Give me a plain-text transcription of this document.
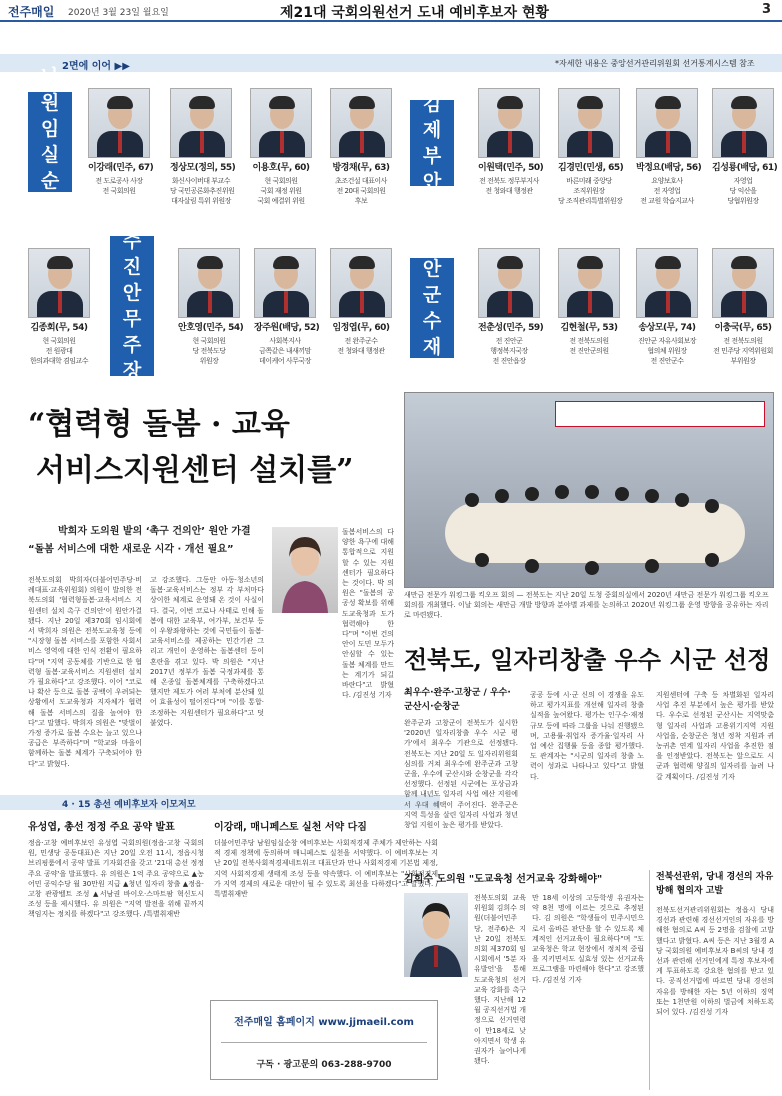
전주매일 2020년 3월 23일 월요일	제21대 국회의원선거 도내 예비후보자 현황	3
2면에 이어 ▶▶	*자세한 내용은 중앙선거관리위원회 선거통계시스템 참조
남원 임실 순창
이강래(민주, 67)
전 도로공사 사장
전 국회의원
정상모(정의, 55)
화신사이버대 부교수
당 국민공론화추진위원
대자살림 특위 위원장
이용호(무, 60)
현 국회의원
국회 재정 위원
국회 예결위 위원
방경채(무, 63)
초조건설 대표이사
전 20대 국회의원
후보
김제 부안
이원택(민주, 50)
전 전북도 정무부지사
전 청와대 행정관
김경민(민생, 65)
바른미래 중앙당
조직위원장
당 조직관리특별위원장
박정요(배당, 56)
요양보호사
전 자영업
전 교원 학습지교사
김성룡(배당, 61)
자영업
당 익산을
당협위원장
김종회(무, 54)
현 국회의원
전 원광대
한의과대학 겸임교수
완주 진안 무주 장수
안호영(민주, 54)
현 국회의원
당 전북도당
위원장
장주원(배당, 52)
사회복지사
금쪽같은 내새끼맘
데이케어 사무국장
임정엽(무, 60)
전 완주군수
전 청와대 행정관
진안 군수 재선
전춘성(민주, 59)
전 진안군
행정복지국장
전 진안읍장
김현철(무, 53)
전 전북도의원
전 진안군의원
송상모(무, 74)
진안군 자유사회보장
협의체 위원장
전 진안군수
이충국(무, 65)
전 전북도의원
전 민주당 지역위원회
부위원장
“협력형 돌봄 · 교육
서비스지원센터 설치를”
박희자 도의원 발의 ‘촉구 건의안’ 원안 가결
“돌봄 서비스에 대한 새로운 시각 · 개선 필요”
전북도의회 박희자(더불어민주당·비례대표·교육위원회) 의원이 발의한 전북도의회 '협력형돌봄·교육서비스 지원센터 설치 촉구 건의안'이 원안가결됐다. 지난 20일 제370회 임시회에서 박희자 의원은 전북도교육청 등에 "시장형 돌봄 서비스를 포함한 사회서비스 영역에 대한 인식 전환이 필요하다"며 "지역 공동체를 기반으로 한 협력형 돌봄·교육서비스 지원센터 설치가 필요하다"고 강조했다. 이어 "코로나 확산 등으로 돌봄 공백이 우려되는 상황에서 도교육청과 지자체가 협력해 돌봄 서비스의 질을 높여야 한다"고 말했다. 박희자 의원은 "맞벌이 가정 증가로 돌봄 수요는 늘고 있으나 공급은 부족하다"며 "학교와 마을이 함께하는 돌봄 체계가 구축되어야 한다"고 밝혔다.
고 강조했다. 그동안 아동·청소년의 돌봄·교육서비스는 정부 각 부처마다 상이한 체계로 운영돼 온 것이 사실이다. 결국, 이번 코로나 사태로 인해 돌봄에 대한 교육부, 여가부, 보건부 등이 우왕좌왕하는 것에 국민들이 돌봄·교육서비스를 제공하는 민간기관 그리고 개인이 운영하는 돌봄센터 등이 혼란을 겪고 있다. 박 의원은 "지난 2017년 정부가 돌봄 국정과제를 통해 온종일 돌봄체계를 구축하겠다고 했지만 제도가 여러 부처에 분산돼 있어 효율성이 떨어진다"며 "이를 통합·조정하는 지원센터가 필요하다"고 덧붙였다.
돌봄서비스의 다양한 욕구에 대해 통합적으로 지원할 수 있는 지원센터가 필요하다는 것이다. 박 의원은 "돌봄의 공공성 확보를 위해 도교육청과 도가 협력해야 한다"며 "이번 건의안이 도민 모두가 안심할 수 있는 돌봄 체계를 만드는 계기가 되길 바란다"고 밝혔다. /김진성 기자
4 · 15 총선 예비후보자 이모저모
유성엽, 총선 정정 주요 공약 발표
정읍·고창 예비후보인 유성엽 국회의원(정읍·고창 국회의원, 민생당 공동대표)은 지난 20일 오전 11시, 정읍시청 브리핑룸에서 공약 발표 기자회견을 갖고 '21대 총선 정정 주요 공약'을 발표했다. 유 의원은 1억 주요 공약으로 ▲농어민 공익수당 월 30만원 지급 ▲청년 일자리 창출 ▲정읍·고창 관광벨트 조성 ▲서남권 바이오·스마트팜 혁신도시 조성 등을 제시했다. 유 의원은 "지역 발전을 위해 끝까지 책임지는 정치를 하겠다"고 강조했다. /특별취재반
이강래, 매니페스토 실천 서약 다짐
더불어민주당 남원임실순창 예비후보는 사회적경제 주체가 제안하는 사회적 경제 정책에 동의하며 매니페스토 실천을 서약했다. 이 예비후보는 지난 20일 전북사회적경제네트워크 대표단과 만나 사회적경제 기본법 제정, 지역 사회적경제 생태계 조성 등을 약속했다. 이 예비후보는 "사회적경제가 지역 경제의 새로운 대안이 될 수 있도록 최선을 다하겠다"고 말했다. /특별취재반
전주매일 홈페이지 www.jjmaeil.com
구독 · 광고문의 063-288-9700
새만금 전문가 워킹그룹 킥오프 회의 — 전북도는 지난 20일 도청 중회의실에서 2020년 새만금 전문가 워킹그룹 킥오프 회의를 개최했다. 이날 회의는 새만금 개발 방향과 분야별 과제를 논의하고 2020년 워킹그룹 운영 방향을 공유하는 자리로 마련됐다.
전북도, 일자리창출 우수 시군 선정
최우수·완주·고창군 / 우수·군산시·순창군
완주군과 고창군이 전북도가 실시한 '2020년 일자리창출 우수 시군 평가'에서 최우수 기관으로 선정됐다. 전북도는 지난 20일 도 일자리위원회 심의를 거쳐 최우수에 완주군과 고창군을, 우수에 군산시와 순창군을 각각 선정했다. 선정된 시군에는 포상금과 함께 내년도 일자리 사업 예산 지원에서 우대 혜택이 주어진다. 완주군은 지역 특성을 살린 일자리 사업과 청년 창업 지원이 높은 평가를 받았다.
공공 등에 시·군 신의 이 경쟁을 유도하고 평가지표를 개선해 일자리 창출 실적을 높여왔다. 평가는 인구수·재정규모 등에 따라 그룹을 나눠 진행됐으며, 고용률·취업자 증가율·일자리 사업 예산 집행률 등을 종합 평가했다. 도 관계자는 "시군의 일자리 창출 노력이 성과로 나타나고 있다"고 밝혔다.
지원센터에 구축 등 차별화된 일자리 사업 추진 부분에서 높은 평가를 받았다. 우수로 선정된 군산시는 지역맞춤형 일자리 사업과 고용위기지역 지원 사업을, 순창군은 청년 정착 지원과 귀농귀촌 연계 일자리 사업을 추진한 점을 인정받았다. 전북도는 앞으로도 시군과 협력해 양질의 일자리를 늘려 나갈 계획이다. /김진성 기자
김희수 도의원 "도교육청 선거교육 강화해야"
전북도의회 교육위원회 김희수 의원(더불어민주당, 전주6)은 지난 20일 전북도의회 제370회 임시회에서 '5분 자유발언'을 통해 도교육청의 선거교육 강화를 촉구했다. 지난해 12월 공직선거법 개정으로 선거연령이 만18세로 낮아지면서 학생 유권자가 늘어나게 됐다.
만 18세 이상의 고등학생 유권자는 약 8천 명에 이르는 것으로 추정된다. 김 의원은 "학생들이 민주시민으로서 올바른 판단을 할 수 있도록 체계적인 선거교육이 필요하다"며 "도교육청은 학교 현장에서 정치적 중립을 지키면서도 실효성 있는 선거교육 프로그램을 마련해야 한다"고 강조했다. /김진성 기자
전북선관위, 당내 경선의 자유 방해 협의자 고발
전북도선거관리위원회는 정읍시 당내 경선과 관련해 경선선거인의 자유를 방해한 혐의로 A씨 등 2명을 검찰에 고발했다고 밝혔다. A씨 등은 지난 3월경 A당 국회의원 예비후보자 B씨의 당내 경선과 관련해 선거인에게 특정 후보자에게 투표하도록 강요한 혐의를 받고 있다. 공직선거법에 따르면 당내 경선의 자유를 방해한 자는 5년 이하의 징역 또는 1천만원 이하의 벌금에 처하도록 되어 있다. /김진성 기자
